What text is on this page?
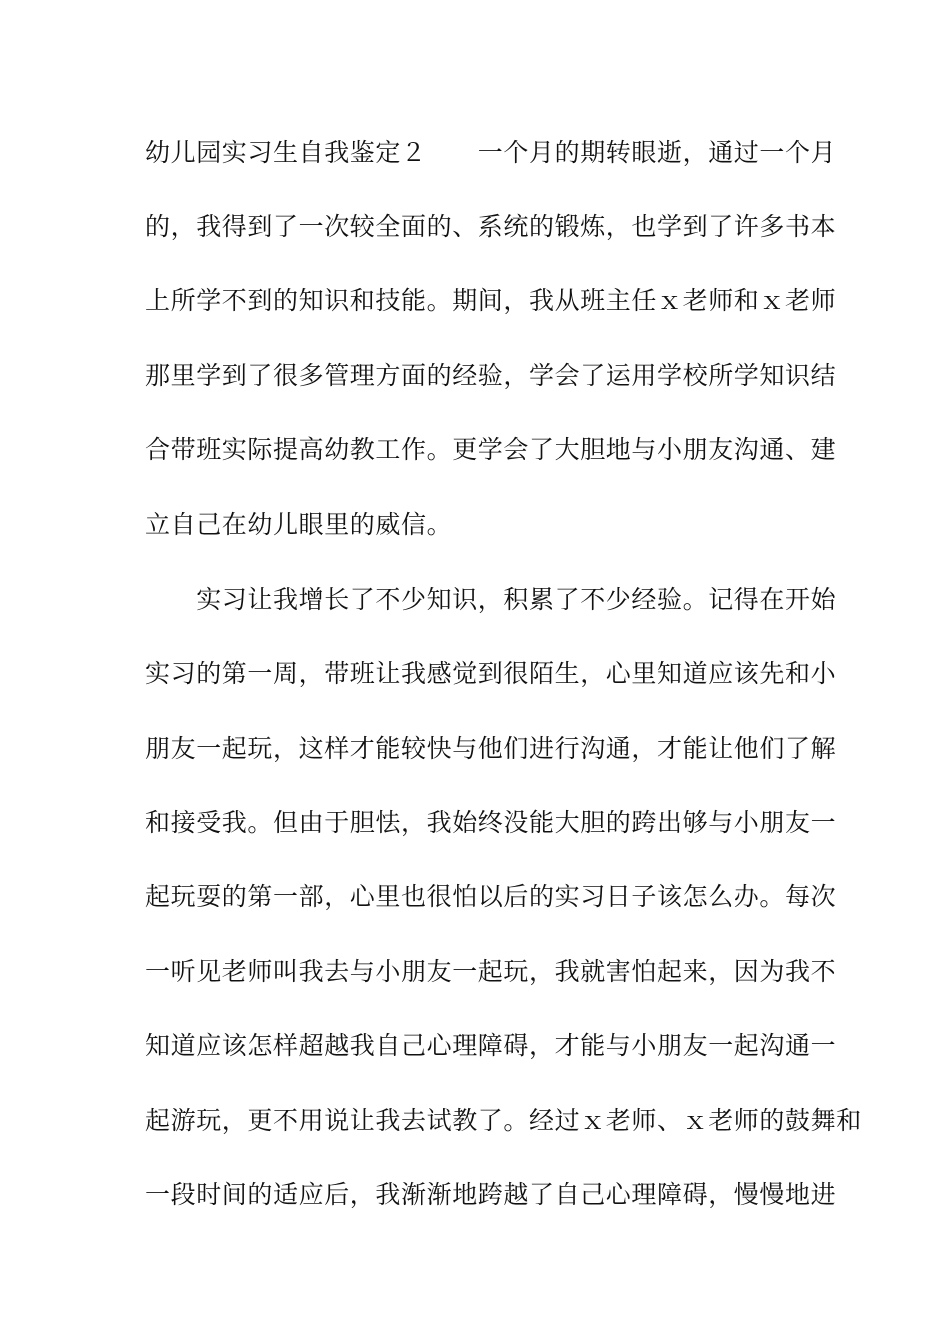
幼儿园实习生自我鉴定２　　一个月的期转眼逝，通过一个月
的，我得到了一次较全面的、系统的锻炼，也学到了许多书本
上所学不到的知识和技能。期间，我从班主任ｘ老师和ｘ老师
那里学到了很多管理方面的经验，学会了运用学校所学知识结
合带班实际提高幼教工作。更学会了大胆地与小朋友沟通、建
立自己在幼儿眼里的威信。
　　实习让我增长了不少知识，积累了不少经验。记得在开始
实习的第一周，带班让我感觉到很陌生，心里知道应该先和小
朋友一起玩，这样才能较快与他们进行沟通，才能让他们了解
和接受我。但由于胆怯，我始终没能大胆的跨出够与小朋友一
起玩耍的第一部，心里也很怕以后的实习日子该怎么办。每次
一听见老师叫我去与小朋友一起玩，我就害怕起来，因为我不
知道应该怎样超越我自己心理障碍，才能与小朋友一起沟通一
起游玩，更不用说让我去试教了。经过ｘ老师、ｘ老师的鼓舞和
一段时间的适应后，我渐渐地跨越了自己心理障碍，慢慢地进
